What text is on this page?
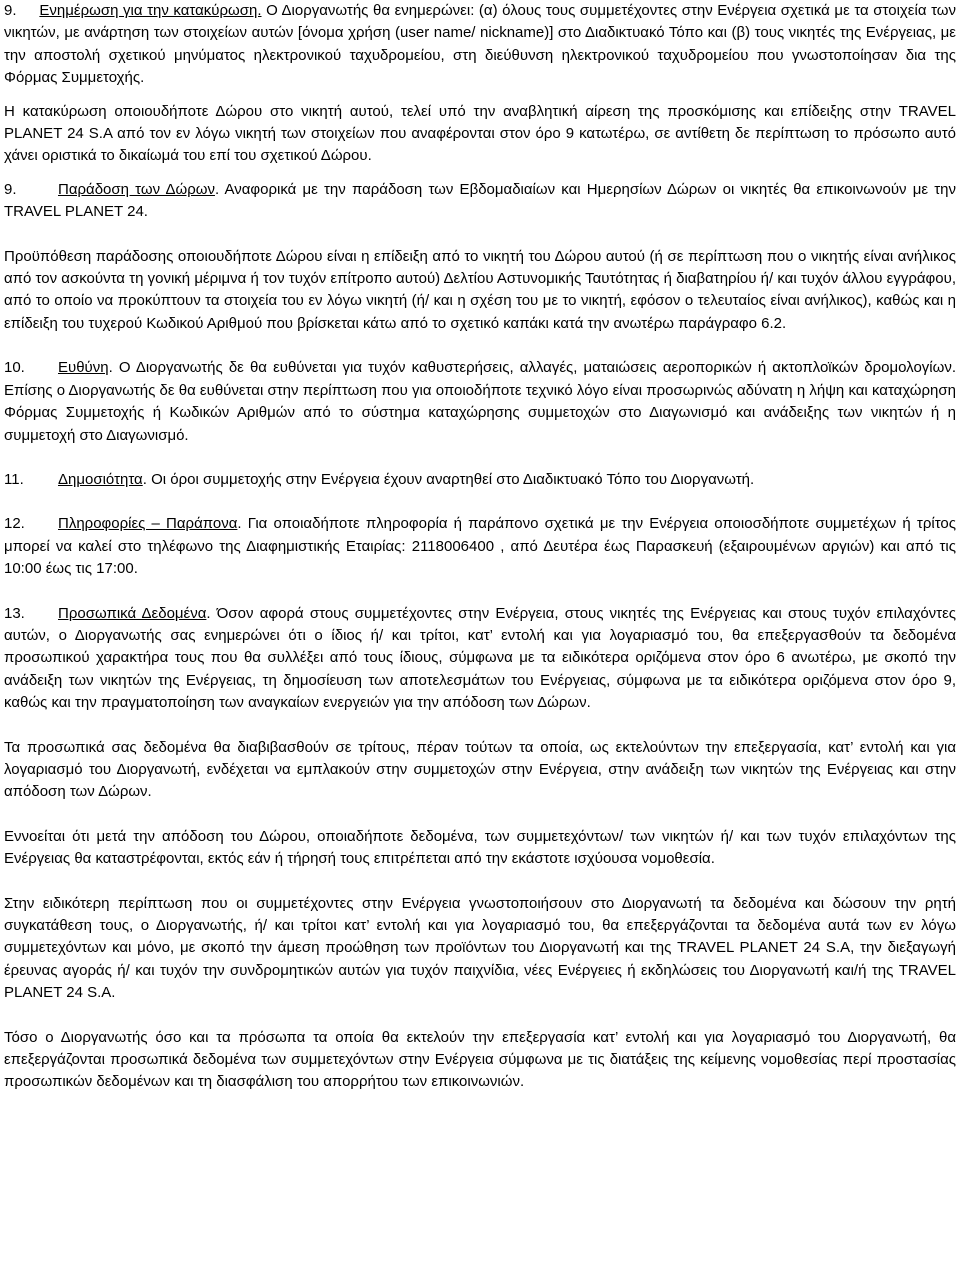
9. Ενημέρωση για την κατακύρωση. Ο Διοργανωτής θα ενημερώνει: (α) όλους τους συμμετέχοντες στην Ενέργεια σχετικά με τα στοιχεία των νικητών, με ανάρτηση των στοιχείων αυτών [όνομα χρήση (user name/ nickname)] στο Διαδικτυακό Τόπο και (β) τους νικητές της Ενέργειας, με την αποστολή σχετικού μηνύματος ηλεκτρονικού ταχυδρομείου, στη διεύθυνση ηλεκτρονικού ταχυδρομείου που γνωστοποίησαν δια της Φόρμας Συμμετοχής.

Η κατακύρωση οποιουδήποτε Δώρου στο νικητή αυτού, τελεί υπό την αναβλητική αίρεση της προσκόμισης και επίδειξης στην TRAVEL PLANET 24 S.A από τον εν λόγω νικητή των στοιχείων που αναφέρονται στον όρο 9 κατωτέρω, σε αντίθετη δε περίπτωση το πρόσωπο αυτό χάνει οριστικά το δικαίωμά του επί του σχετικού Δώρου.

9.	Παράδοση των Δώρων. Αναφορικά με την παράδοση των Εβδομαδιαίων και Ημερησίων Δώρων οι νικητές θα επικοινωνούν με την TRAVEL PLANET 24.

Προϋπόθεση παράδοσης οποιουδήποτε Δώρου είναι η επίδειξη από το νικητή του Δώρου αυτού (ή σε περίπτωση που ο νικητής είναι ανήλικος από τον ασκούντα τη γονική μέριμνα ή τον τυχόν επίτροπο αυτού) Δελτίου Αστυνομικής Ταυτότητας ή διαβατηρίου ή/ και τυχόν άλλου εγγράφου, από το οποίο να προκύπτουν τα στοιχεία του εν λόγω νικητή (ή/ και η σχέση του με το νικητή, εφόσον ο τελευταίος είναι ανήλικος), καθώς και η επίδειξη του τυχερού Κωδικού Αριθμού που βρίσκεται κάτω από το σχετικό καπάκι κατά την ανωτέρω παράγραφο 6.2.

10. Ευθύνη. Ο Διοργανωτής δε θα ευθύνεται για τυχόν καθυστερήσεις, αλλαγές, ματαιώσεις αεροπορικών ή ακτοπλοϊκών δρομολογίων. Επίσης ο Διοργανωτής δε θα ευθύνεται στην περίπτωση που για οποιοδήποτε τεχνικό λόγο είναι προσωρινώς αδύνατη η λήψη και καταχώρηση Φόρμας Συμμετοχής ή Κωδικών Αριθμών από το σύστημα καταχώρησης συμμετοχών στο Διαγωνισμό και ανάδειξης των νικητών ή η συμμετοχή στο Διαγωνισμό.

11. Δημοσιότητα. Οι όροι συμμετοχής στην Ενέργεια έχουν αναρτηθεί στο Διαδικτυακό Τόπο του Διοργανωτή.

12. Πληροφορίες – Παράπονα. Για οποιαδήποτε πληροφορία ή παράπονο σχετικά με την Ενέργεια οποιοσδήποτε συμμετέχων ή τρίτος μπορεί να καλεί στο τηλέφωνο της Διαφημιστικής Εταιρίας: 2118006400 , από Δευτέρα έως Παρασκευή (εξαιρουμένων αργιών) και από τις 10:00 έως τις 17:00.

13. Προσωπικά Δεδομένα. Όσον αφορά στους συμμετέχοντες στην Ενέργεια, στους νικητές της Ενέργειας και στους τυχόν επιλαχόντες αυτών, ο Διοργανωτής σας ενημερώνει ότι ο ίδιος ή/ και τρίτοι, κατ’ εντολή και για λογαριασμό του, θα επεξεργασθούν τα δεδομένα προσωπικού χαρακτήρα τους που θα συλλέξει από τους ίδιους, σύμφωνα με τα ειδικότερα οριζόμενα στον όρο 6 ανωτέρω, με σκοπό την ανάδειξη των νικητών της Ενέργειας, τη δημοσίευση των αποτελεσμάτων του Ενέργειας, σύμφωνα με τα ειδικότερα οριζόμενα στον όρο 9, καθώς και την πραγματοποίηση των αναγκαίων ενεργειών για την απόδοση των Δώρων.

Τα προσωπικά σας δεδομένα θα διαβιβασθούν σε τρίτους, πέραν τούτων τα οποία, ως εκτελούντων την επεξεργασία, κατ’ εντολή και για λογαριασμό του Διοργανωτή, ενδέχεται να εμπλακούν στην συμμετοχών στην Ενέργεια, στην ανάδειξη των νικητών της Ενέργειας και στην απόδοση των Δώρων.

Εννοείται ότι μετά την απόδοση του Δώρου, οποιαδήποτε δεδομένα, των συμμετεχόντων/ των νικητών ή/ και των τυχόν επιλαχόντων της Ενέργειας θα καταστρέφονται, εκτός εάν ή τήρησή τους επιτρέπεται από την εκάστοτε ισχύουσα νομοθεσία.

Στην ειδικότερη περίπτωση που οι συμμετέχοντες στην Ενέργεια γνωστοποιήσουν στο Διοργανωτή τα δεδομένα και δώσουν την ρητή συγκατάθεση τους, ο Διοργανωτής, ή/ και τρίτοι κατ’ εντολή και για λογαριασμό του, θα επεξεργάζονται τα δεδομένα αυτά των εν λόγω συμμετεχόντων και μόνο, με σκοπό την άμεση προώθηση των προϊόντων του Διοργανωτή και της TRAVEL PLANET 24 S.A, την διεξαγωγή έρευνας αγοράς ή/ και τυχόν την συνδρομητικών αυτών για τυχόν παιχνίδια, νέες Ενέργειες ή εκδηλώσεις του Διοργανωτή και/ή της TRAVEL PLANET 24 S.A.

Τόσο ο Διοργανωτής όσο και τα πρόσωπα τα οποία θα εκτελούν την επεξεργασία κατ’ εντολή και για λογαριασμό του Διοργανωτή, θα επεξεργάζονται προσωπικά δεδομένα των συμμετεχόντων στην Ενέργεια σύμφωνα με τις διατάξεις της κείμενης νομοθεσίας περί προστασίας προσωπικών δεδομένων και τη διασφάλιση του απορρήτου των επικοινωνιών.
